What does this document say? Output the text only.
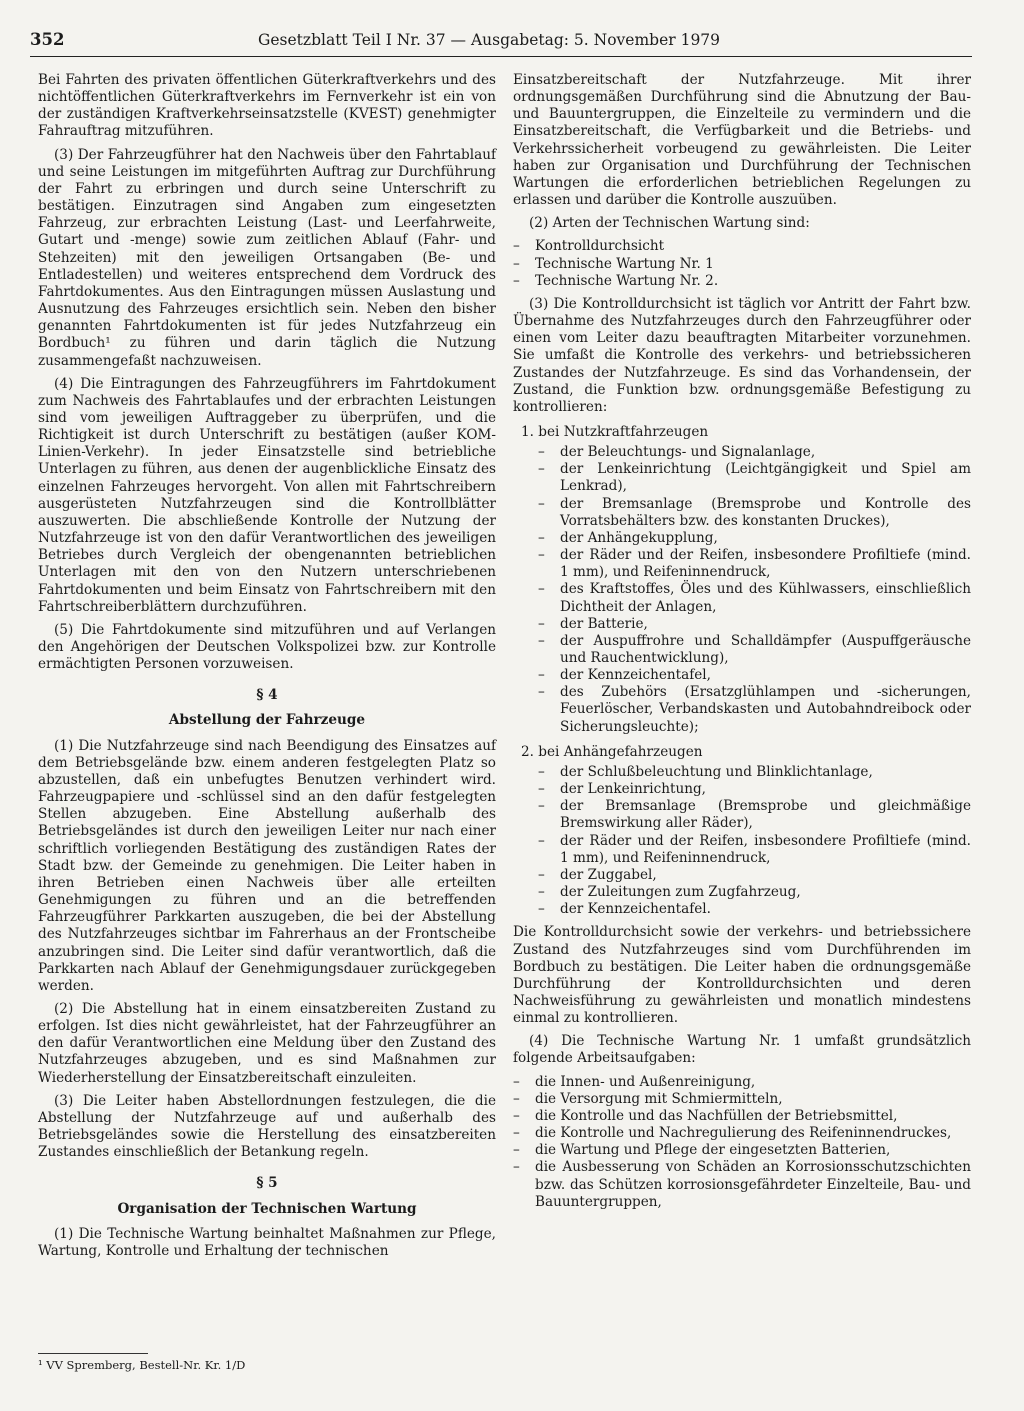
352	Gesetzblatt Teil I Nr. 37 — Ausgabetag: 5. November 1979

Bei Fahrten des privaten öffentlichen Güterkraftverkehrs und des nichtöffentlichen Güterkraftverkehrs im Fernverkehr ist ein von der zuständigen Kraftverkehrseinsatzstelle (KVEST) genehmigter Fahrauftrag mitzuführen.

(3) Der Fahrzeugführer hat den Nachweis über den Fahrtablauf und seine Leistungen im mitgeführten Auftrag zur Durchführung der Fahrt zu erbringen und durch seine Unterschrift zu bestätigen. Einzutragen sind Angaben zum eingesetzten Fahrzeug, zur erbrachten Leistung (Last- und Leerfahrweite, Gutart und -menge) sowie zum zeitlichen Ablauf (Fahr- und Stehzeiten) mit den jeweiligen Ortsangaben (Be- und Entladestellen) und weiteres entsprechend dem Vordruck des Fahrtdokumentes. Aus den Eintragungen müssen Auslastung und Ausnutzung des Fahrzeuges ersichtlich sein. Neben den bisher genannten Fahrtdokumenten ist für jedes Nutzfahrzeug ein Bordbuch¹ zu führen und darin täglich die Nutzung zusammengefaßt nachzuweisen.

(4) Die Eintragungen des Fahrzeugführers im Fahrtdokument zum Nachweis des Fahrtablaufes und der erbrachten Leistungen sind vom jeweiligen Auftraggeber zu überprüfen, und die Richtigkeit ist durch Unterschrift zu bestätigen (außer KOM-Linien-Verkehr). In jeder Einsatzstelle sind betriebliche Unterlagen zu führen, aus denen der augenblickliche Einsatz des einzelnen Fahrzeuges hervorgeht. Von allen mit Fahrtschreibern ausgerüsteten Nutzfahrzeugen sind die Kontrollblätter auszuwerten. Die abschließende Kontrolle der Nutzung der Nutzfahrzeuge ist von den dafür Verantwortlichen des jeweiligen Betriebes durch Vergleich der obengenannten betrieblichen Unterlagen mit den von den Nutzern unterschriebenen Fahrtdokumenten und beim Einsatz von Fahrtschreibern mit den Fahrtschreiberblättern durchzuführen.

(5) Die Fahrtdokumente sind mitzuführen und auf Verlangen den Angehörigen der Deutschen Volkspolizei bzw. zur Kontrolle ermächtigten Personen vorzuweisen.

§ 4
Abstellung der Fahrzeuge

(1) Die Nutzfahrzeuge sind nach Beendigung des Einsatzes auf dem Betriebsgelände bzw. einem anderen festgelegten Platz so abzustellen, daß ein unbefugtes Benutzen verhindert wird. Fahrzeugpapiere und -schlüssel sind an den dafür festgelegten Stellen abzugeben. Eine Abstellung außerhalb des Betriebsgeländes ist durch den jeweiligen Leiter nur nach einer schriftlich vorliegenden Bestätigung des zuständigen Rates der Stadt bzw. der Gemeinde zu genehmigen. Die Leiter haben in ihren Betrieben einen Nachweis über alle erteilten Genehmigungen zu führen und an die betreffenden Fahrzeugführer Parkkarten auszugeben, die bei der Abstellung des Nutzfahrzeuges sichtbar im Fahrerhaus an der Frontscheibe anzubringen sind. Die Leiter sind dafür verantwortlich, daß die Parkkarten nach Ablauf der Genehmigungsdauer zurückgegeben werden.

(2) Die Abstellung hat in einem einsatzbereiten Zustand zu erfolgen. Ist dies nicht gewährleistet, hat der Fahrzeugführer an den dafür Verantwortlichen eine Meldung über den Zustand des Nutzfahrzeuges abzugeben, und es sind Maßnahmen zur Wiederherstellung der Einsatzbereitschaft einzuleiten.

(3) Die Leiter haben Abstellordnungen festzulegen, die die Abstellung der Nutzfahrzeuge auf und außerhalb des Betriebsgeländes sowie die Herstellung des einsatzbereiten Zustandes einschließlich der Betankung regeln.

§ 5
Organisation der Technischen Wartung

(1) Die Technische Wartung beinhaltet Maßnahmen zur Pflege, Wartung, Kontrolle und Erhaltung der technischen

¹ VV Spremberg, Bestell-Nr. Kr. 1/D

Einsatzbereitschaft der Nutzfahrzeuge. Mit ihrer ordnungsgemäßen Durchführung sind die Abnutzung der Bau- und Bauuntergruppen, die Einzelteile zu vermindern und die Einsatzbereitschaft, die Verfügbarkeit und die Betriebs- und Verkehrssicherheit vorbeugend zu gewährleisten. Die Leiter haben zur Organisation und Durchführung der Technischen Wartungen die erforderlichen betrieblichen Regelungen zu erlassen und darüber die Kontrolle auszuüben.

(2) Arten der Technischen Wartung sind:

– Kontrolldurchsicht
– Technische Wartung Nr. 1
– Technische Wartung Nr. 2.

(3) Die Kontrolldurchsicht ist täglich vor Antritt der Fahrt bzw. Übernahme des Nutzfahrzeuges durch den Fahrzeugführer oder einen vom Leiter dazu beauftragten Mitarbeiter vorzunehmen. Sie umfaßt die Kontrolle des verkehrs- und betriebssicheren Zustandes der Nutzfahrzeuge. Es sind das Vorhandensein, der Zustand, die Funktion bzw. ordnungsgemäße Befestigung zu kontrollieren:

1. bei Nutzkraftfahrzeugen
– der Beleuchtungs- und Signalanlage,
– der Lenkeinrichtung (Leichtgängigkeit und Spiel am Lenkrad),
– der Bremsanlage (Bremsprobe und Kontrolle des Vorratsbehälters bzw. des konstanten Druckes),
– der Anhängekupplung,
– der Räder und der Reifen, insbesondere Profiltiefe (mind. 1 mm), und Reifeninnendruck,
– des Kraftstoffes, Öles und des Kühlwassers, einschließlich Dichtheit der Anlagen,
– der Batterie,
– der Auspuffrohre und Schalldämpfer (Auspuffgeräusche und Rauchentwicklung),
– der Kennzeichentafel,
– des Zubehörs (Ersatzglühlampen und -sicherungen, Feuerlöscher, Verbandskasten und Autobahndreibock oder Sicherungsleuchte);
2. bei Anhängefahrzeugen
– der Schlußbeleuchtung und Blinklichtanlage,
– der Lenkeinrichtung,
– der Bremsanlage (Bremsprobe und gleichmäßige Bremswirkung aller Räder),
– der Räder und der Reifen, insbesondere Profiltiefe (mind. 1 mm), und Reifeninnendruck,
– der Zuggabel,
– der Zuleitungen zum Zugfahrzeug,
– der Kennzeichentafel.

Die Kontrolldurchsicht sowie der verkehrs- und betriebssichere Zustand des Nutzfahrzeuges sind vom Durchführenden im Bordbuch zu bestätigen. Die Leiter haben die ordnungsgemäße Durchführung der Kontrolldurchsichten und deren Nachweisführung zu gewährleisten und monatlich mindestens einmal zu kontrollieren.

(4) Die Technische Wartung Nr. 1 umfaßt grundsätzlich folgende Arbeitsaufgaben:

– die Innen- und Außenreinigung,
– die Versorgung mit Schmiermitteln,
– die Kontrolle und das Nachfüllen der Betriebsmittel,
– die Kontrolle und Nachregulierung des Reifeninnendruckes,
– die Wartung und Pflege der eingesetzten Batterien,
– die Ausbesserung von Schäden an Korrosionsschutzschichten bzw. das Schützen korrosionsgefährdeter Einzelteile, Bau- und Bauuntergruppen,
